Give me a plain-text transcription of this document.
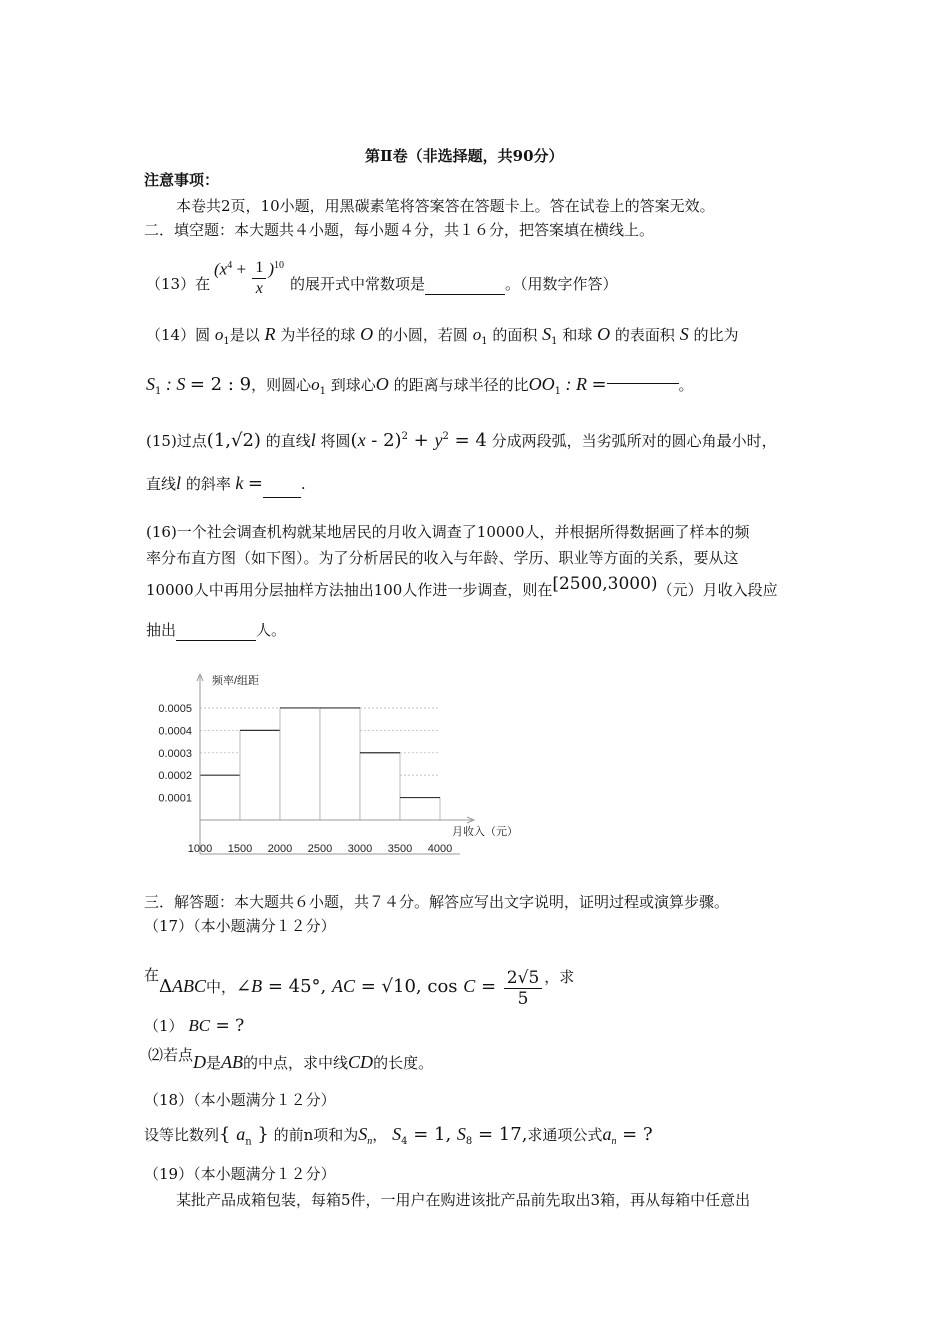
第Ⅱ卷（非选择题，共90分）
注意事项：
本卷共2页，10小题，用黑碳素笔将答案答在答题卡上。答在试卷上的答案无效。
二．填空题：本大题共４小题，每小题４分，共１６分，把答案填在横线上。
（13）在
$(x^4 + \frac{1}{x} )^{10}$
的展开式中常数项是	。（用数字作答）
（14）圆 $o_1$是以 R 为半径的球 O 的小圆，若圆 $o_1$ 的面积 $S_1$ 和球 O 的表面积 S 的比为
$S_1$ : S = 2 : 9，则圆心$o_1$ 到球心O 的距离与球半径的比$OO_1$ : R =	。
(15)过点(1,√2) 的直线l 将圆$(x - 2)^2 + y^2 = 4$ 分成两段弧，当劣弧所对的圆心角最小时，
直线l 的斜率 k =	.
(16)一个社会调查机构就某地居民的月收入调查了10000人，并根据所得数据画了样本的频
率分布直方图（如下图）。为了分析居民的收入与年龄、学历、职业等方面的关系，要从这
10000人中再用分层抽样方法抽出100人作进一步调查，则在[2500,3000)（元）月收入段应
抽出	人。
0.0001
0.0002
0.0003
0.0004
0.0005
1000 1500 2000 2500 3000 3500 4000
频率/组距
月收入（元）
三．解答题：本大题共６小题，共７４分。解答应写出文字说明，证明过程或演算步骤。
（17）（本小题满分１２分）
在ΔABC中，∠B = 45°, AC = √10, $\cos C = \frac{2√5}{5}$ ，求
（1） BC = ?
⑵若点D是AB的中点，求中线CD的长度。
（18）（本小题满分１２分）
设等比数列{ $a_n$ } 的前n项和为$S_n$， $S_4 = 1$, $S_8 = 17$,求通项公式$a_n$ = ?
（19）（本小题满分１２分）
某批产品成箱包装，每箱5件，一用户在购进该批产品前先取出3箱，再从每箱中任意出
